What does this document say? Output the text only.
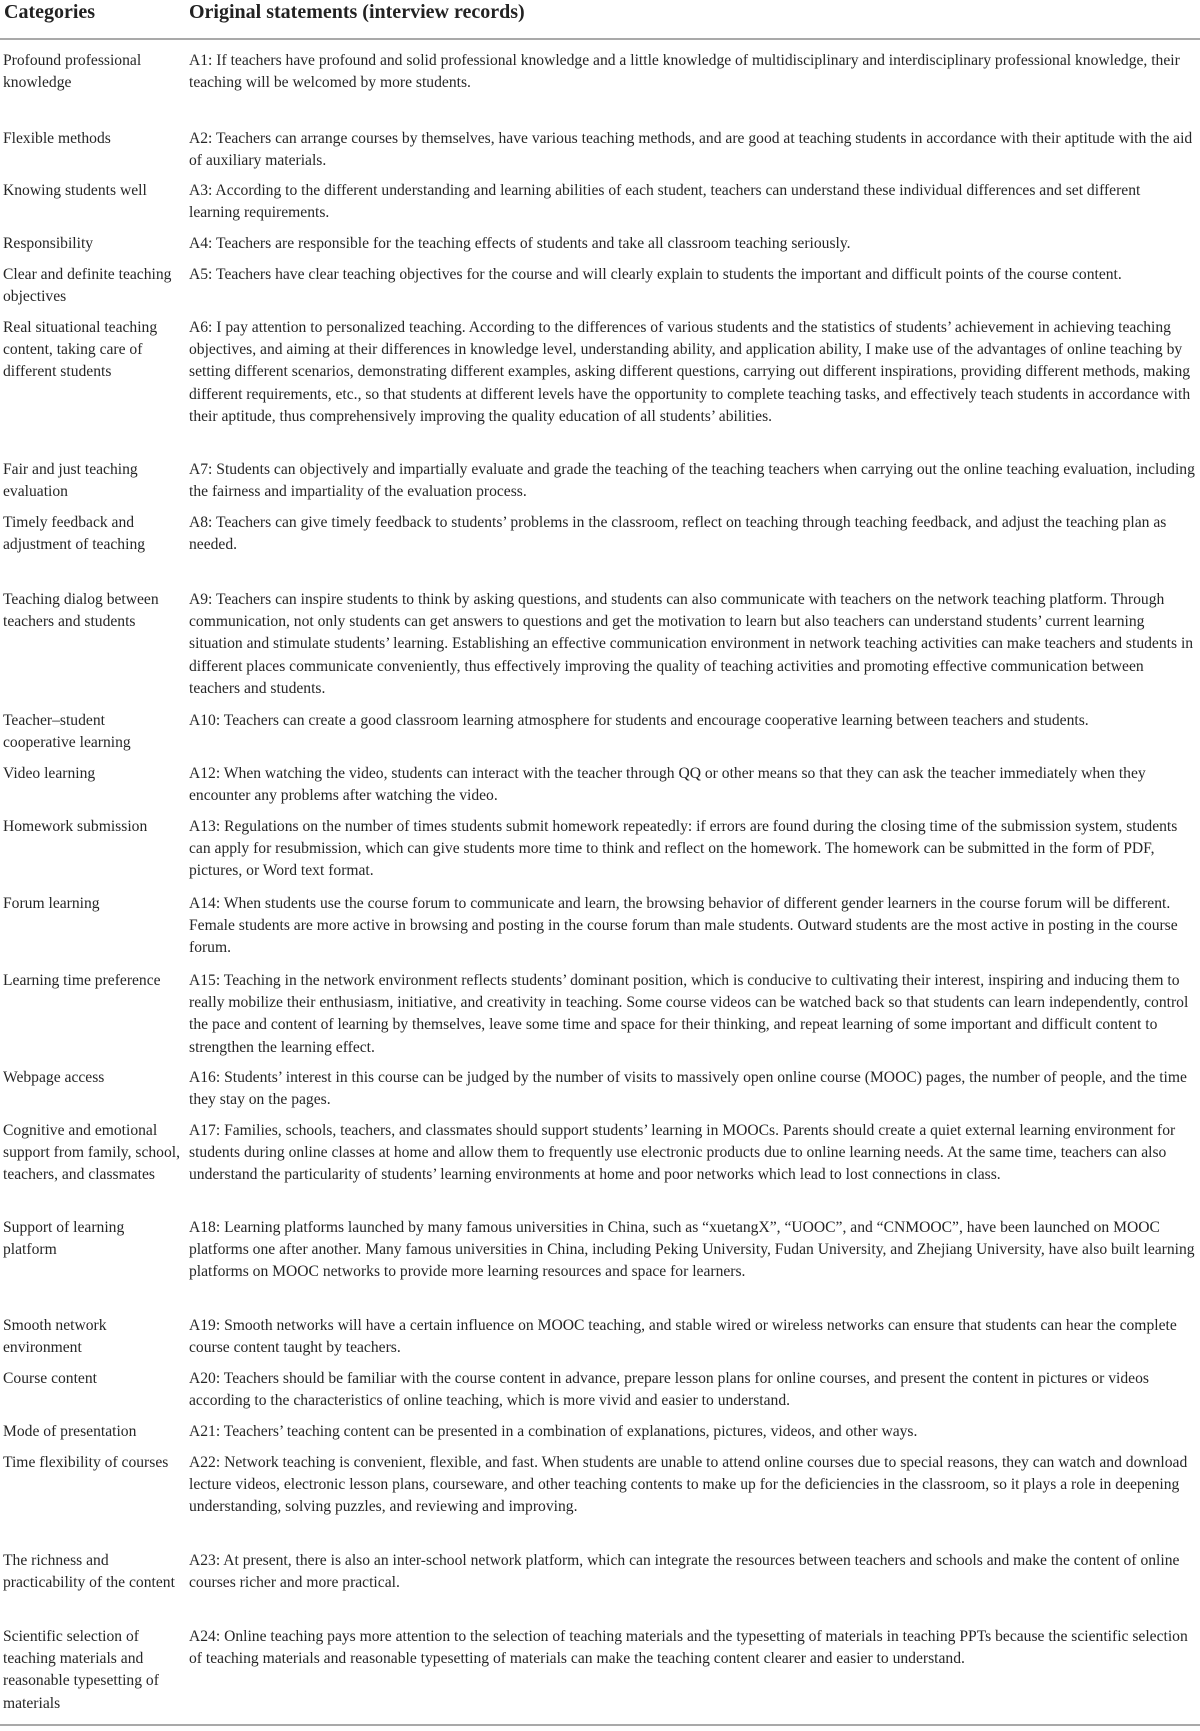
Categories	Original statements (interview records)
Profound professional knowledge
A1: If teachers have profound and solid professional knowledge and a little knowledge of multidisciplinary and interdisciplinary professional knowledge, their teaching will be welcomed by more students.
Flexible methods	A2: Teachers can arrange courses by themselves, have various teaching methods, and are good at teaching students in accordance with their aptitude with the aid of auxiliary materials.
Knowing students well	A3: According to the different understanding and learning abilities of each student, teachers can understand these individual differences and set different learning requirements.
Responsibility	A4: Teachers are responsible for the teaching effects of students and take all classroom teaching seriously.
Clear and definite teaching objectives
A5: Teachers have clear teaching objectives for the course and will clearly explain to students the important and difficult points of the course content.
Real situational teaching content, taking care of different students
A6: I pay attention to personalized teaching. According to the differences of various students and the statistics of students’ achievement in achieving teaching objectives, and aiming at their differences in knowledge level, understanding ability, and application ability, I make use of the advantages of online teaching by setting different scenarios, demonstrating different examples, asking different questions, carrying out different inspirations, providing different methods, making different requirements, etc., so that students at different levels have the opportunity to complete teaching tasks, and effectively teach students in accordance with their aptitude, thus comprehensively improving the quality education of all students’ abilities.
Fair and just teaching evaluation
A7: Students can objectively and impartially evaluate and grade the teaching of the teaching teachers when carrying out the online teaching evaluation, including the fairness and impartiality of the evaluation process.
Timely feedback and adjustment of teaching
A8: Teachers can give timely feedback to students’ problems in the classroom, reflect on teaching through teaching feedback, and adjust the teaching plan as needed.
Teaching dialog between teachers and students
A9: Teachers can inspire students to think by asking questions, and students can also communicate with teachers on the network teaching platform. Through communication, not only students can get answers to questions and get the motivation to learn but also teachers can understand students’ current learning situation and stimulate students’ learning. Establishing an effective communication environment in network teaching activities can make teachers and students in different places communicate conveniently, thus effectively improving the quality of teaching activities and promoting effective communication between teachers and students.
Teacher–student cooperative learning
A10: Teachers can create a good classroom learning atmosphere for students and encourage cooperative learning between teachers and students.
Video learning	A12: When watching the video, students can interact with the teacher through QQ or other means so that they can ask the teacher immediately when they encounter any problems after watching the video.
Homework submission	A13: Regulations on the number of times students submit homework repeatedly: if errors are found during the closing time of the submission system, students can apply for resubmission, which can give students more time to think and reflect on the homework. The homework can be submitted in the form of PDF, pictures, or Word text format.
Forum learning	A14: When students use the course forum to communicate and learn, the browsing behavior of different gender learners in the course forum will be different. Female students are more active in browsing and posting in the course forum than male students. Outward students are the most active in posting in the course forum.
Learning time preference	A15: Teaching in the network environment reflects students’ dominant position, which is conducive to cultivating their interest, inspiring and inducing them to really mobilize their enthusiasm, initiative, and creativity in teaching. Some course videos can be watched back so that students can learn independently, control the pace and content of learning by themselves, leave some time and space for their thinking, and repeat learning of some important and difficult content to strengthen the learning effect.
Webpage access	A16: Students’ interest in this course can be judged by the number of visits to massively open online course (MOOC) pages, the number of people, and the time they stay on the pages.
Cognitive and emotional support from family, school, teachers, and classmates
A17: Families, schools, teachers, and classmates should support students’ learning in MOOCs. Parents should create a quiet external learning environment for students during online classes at home and allow them to frequently use electronic products due to online learning needs. At the same time, teachers can also understand the particularity of students’ learning environments at home and poor networks which lead to lost connections in class.
Support of learning platform
A18: Learning platforms launched by many famous universities in China, such as “xuetangX”, “UOOC”, and “CNMOOC”, have been launched on MOOC platforms one after another. Many famous universities in China, including Peking University, Fudan University, and Zhejiang University, have also built learning platforms on MOOC networks to provide more learning resources and space for learners.
Smooth network environment
A19: Smooth networks will have a certain influence on MOOC teaching, and stable wired or wireless networks can ensure that students can hear the complete course content taught by teachers.
Course content	A20: Teachers should be familiar with the course content in advance, prepare lesson plans for online courses, and present the content in pictures or videos according to the characteristics of online teaching, which is more vivid and easier to understand.
Mode of presentation	A21: Teachers’ teaching content can be presented in a combination of explanations, pictures, videos, and other ways.
Time flexibility of courses	A22: Network teaching is convenient, flexible, and fast. When students are unable to attend online courses due to special reasons, they can watch and download lecture videos, electronic lesson plans, courseware, and other teaching contents to make up for the deficiencies in the classroom, so it plays a role in deepening understanding, solving puzzles, and reviewing and improving.
The richness and practicability of the content
A23: At present, there is also an inter-school network platform, which can integrate the resources between teachers and schools and make the content of online courses richer and more practical.
Scientific selection of teaching materials and reasonable typesetting of materials
A24: Online teaching pays more attention to the selection of teaching materials and the typesetting of materials in teaching PPTs because the scientific selection of teaching materials and reasonable typesetting of materials can make the teaching content clearer and easier to understand.
